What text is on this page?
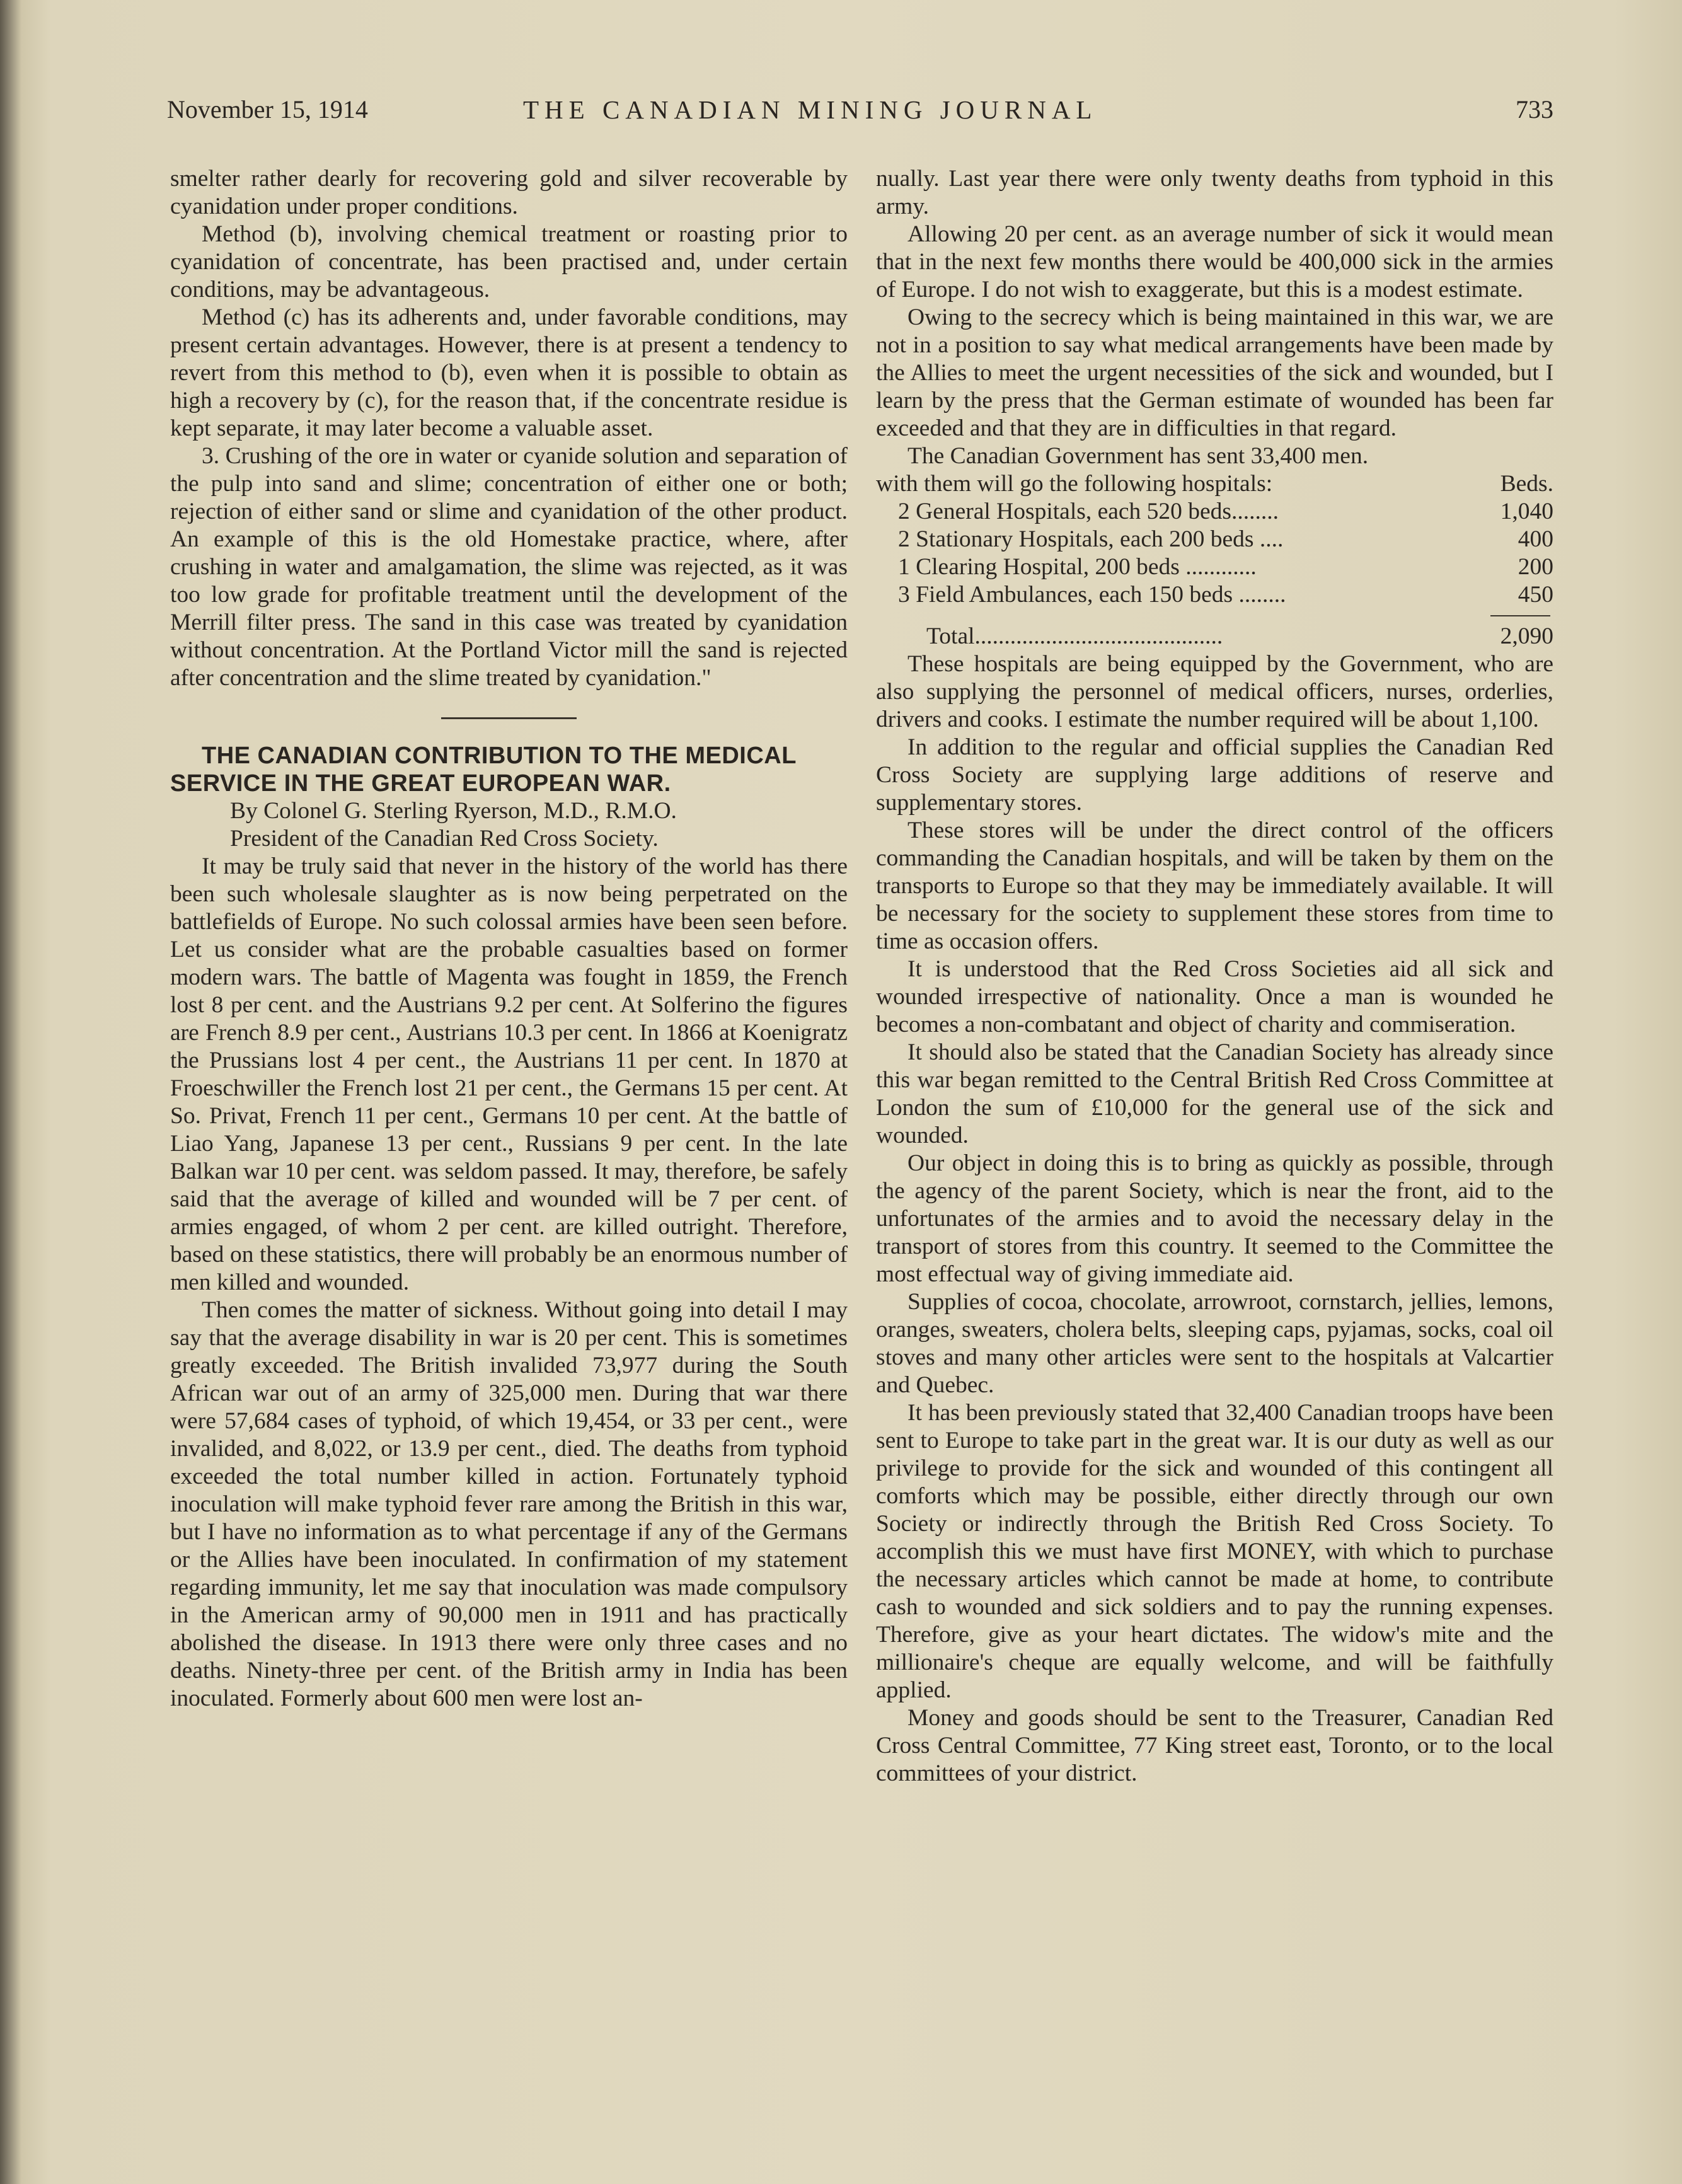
November 15, 1914	THE CANADIAN MINING JOURNAL	733

smelter rather dearly for recovering gold and silver recoverable by cyanidation under proper conditions.

Method (b), involving chemical treatment or roasting prior to cyanidation of concentrate, has been practised and, under certain conditions, may be advantageous.

Method (c) has its adherents and, under favorable conditions, may present certain advantages. However, there is at present a tendency to revert from this method to (b), even when it is possible to obtain as high a recovery by (c), for the reason that, if the concentrate residue is kept separate, it may later become a valuable asset.

3. Crushing of the ore in water or cyanide solution and separation of the pulp into sand and slime; concentration of either one or both; rejection of either sand or slime and cyanidation of the other product. An example of this is the old Homestake practice, where, after crushing in water and amalgamation, the slime was rejected, as it was too low grade for profitable treatment until the development of the Merrill filter press. The sand in this case was treated by cyanidation without concentration. At the Portland Victor mill the sand is rejected after concentration and the slime treated by cyanidation."

THE CANADIAN CONTRIBUTION TO THE MEDICAL SERVICE IN THE GREAT EUROPEAN WAR.

By Colonel G. Sterling Ryerson, M.D., R.M.O.

President of the Canadian Red Cross Society.

It may be truly said that never in the history of the world has there been such wholesale slaughter as is now being perpetrated on the battlefields of Europe. No such colossal armies have been seen before. Let us consider what are the probable casualties based on former modern wars. The battle of Magenta was fought in 1859, the French lost 8 per cent. and the Austrians 9.2 per cent. At Solferino the figures are French 8.9 per cent., Austrians 10.3 per cent. In 1866 at Koenigratz the Prussians lost 4 per cent., the Austrians 11 per cent. In 1870 at Froeschwiller the French lost 21 per cent., the Germans 15 per cent. At So. Privat, French 11 per cent., Germans 10 per cent. At the battle of Liao Yang, Japanese 13 per cent., Russians 9 per cent. In the late Balkan war 10 per cent. was seldom passed. It may, therefore, be safely said that the average of killed and wounded will be 7 per cent. of armies engaged, of whom 2 per cent. are killed outright. Therefore, based on these statistics, there will probably be an enormous number of men killed and wounded.

Then comes the matter of sickness. Without going into detail I may say that the average disability in war is 20 per cent. This is sometimes greatly exceeded. The British invalided 73,977 during the South African war out of an army of 325,000 men. During that war there were 57,684 cases of typhoid, of which 19,454, or 33 per cent., were invalided, and 8,022, or 13.9 per cent., died. The deaths from typhoid exceeded the total number killed in action. Fortunately typhoid inoculation will make typhoid fever rare among the British in this war, but I have no information as to what percentage if any of the Germans or the Allies have been inoculated. In confirmation of my statement regarding immunity, let me say that inoculation was made compulsory in the American army of 90,000 men in 1911 and has practically abolished the disease. In 1913 there were only three cases and no deaths. Ninety-three per cent. of the British army in India has been inoculated. Formerly about 600 men were lost an-

nually. Last year there were only twenty deaths from typhoid in this army.

Allowing 20 per cent. as an average number of sick it would mean that in the next few months there would be 400,000 sick in the armies of Europe. I do not wish to exaggerate, but this is a modest estimate.

Owing to the secrecy which is being maintained in this war, we are not in a position to say what medical arrangements have been made by the Allies to meet the urgent necessities of the sick and wounded, but I learn by the press that the German estimate of wounded has been far exceeded and that they are in difficulties in that regard.

The Canadian Government has sent 33,400 men.

with them will go the following hospitals:	Beds.
2 General Hospitals, each 520 beds........	1,040
2 Stationary Hospitals, each 200 beds ....	400
1 Clearing Hospital, 200 beds ............	200
3 Field Ambulances, each 150 beds ........	450
Total..........................................	2,090

These hospitals are being equipped by the Government, who are also supplying the personnel of medical officers, nurses, orderlies, drivers and cooks. I estimate the number required will be about 1,100.

In addition to the regular and official supplies the Canadian Red Cross Society are supplying large additions of reserve and supplementary stores.

These stores will be under the direct control of the officers commanding the Canadian hospitals, and will be taken by them on the transports to Europe so that they may be immediately available. It will be necessary for the society to supplement these stores from time to time as occasion offers.

It is understood that the Red Cross Societies aid all sick and wounded irrespective of nationality. Once a man is wounded he becomes a non-combatant and object of charity and commiseration.

It should also be stated that the Canadian Society has already since this war began remitted to the Central British Red Cross Committee at London the sum of £10,000 for the general use of the sick and wounded.

Our object in doing this is to bring as quickly as possible, through the agency of the parent Society, which is near the front, aid to the unfortunates of the armies and to avoid the necessary delay in the transport of stores from this country. It seemed to the Committee the most effectual way of giving immediate aid.

Supplies of cocoa, chocolate, arrowroot, cornstarch, jellies, lemons, oranges, sweaters, cholera belts, sleeping caps, pyjamas, socks, coal oil stoves and many other articles were sent to the hospitals at Valcartier and Quebec.

It has been previously stated that 32,400 Canadian troops have been sent to Europe to take part in the great war. It is our duty as well as our privilege to provide for the sick and wounded of this contingent all comforts which may be possible, either directly through our own Society or indirectly through the British Red Cross Society. To accomplish this we must have first MONEY, with which to purchase the necessary articles which cannot be made at home, to contribute cash to wounded and sick soldiers and to pay the running expenses. Therefore, give as your heart dictates. The widow's mite and the millionaire's cheque are equally welcome, and will be faithfully applied.

Money and goods should be sent to the Treasurer, Canadian Red Cross Central Committee, 77 King street east, Toronto, or to the local committees of your district.
